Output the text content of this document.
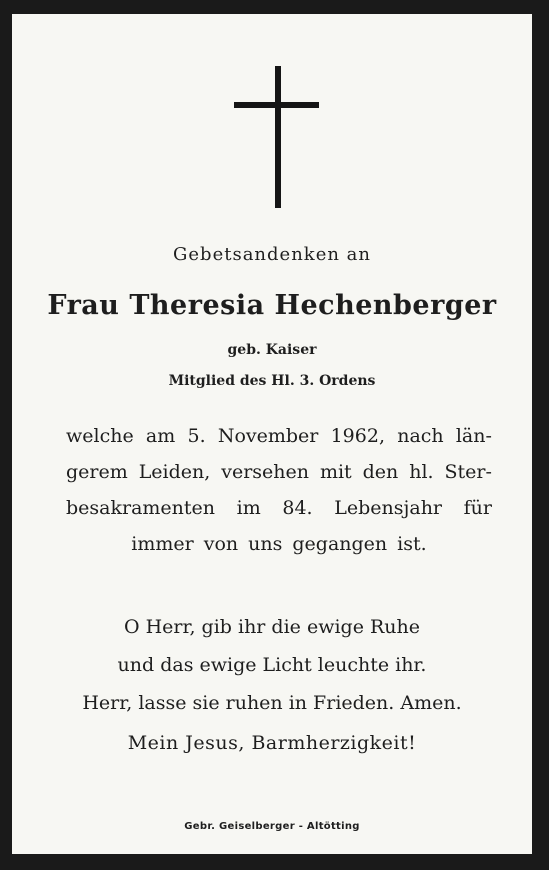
Gebetsandenken an
Frau Theresia Hechenberger
geb. Kaiser
Mitglied des Hl. 3. Ordens
welche am 5. November 1962, nach län-
gerem Leiden, versehen mit den hl. Ster-
besakramenten im 84. Lebensjahr für
immer von uns gegangen ist.
O Herr, gib ihr die ewige Ruhe
und das ewige Licht leuchte ihr.
Herr, lasse sie ruhen in Frieden. Amen.
Mein Jesus, Barmherzigkeit!
Gebr. Geiselberger - Altötting
